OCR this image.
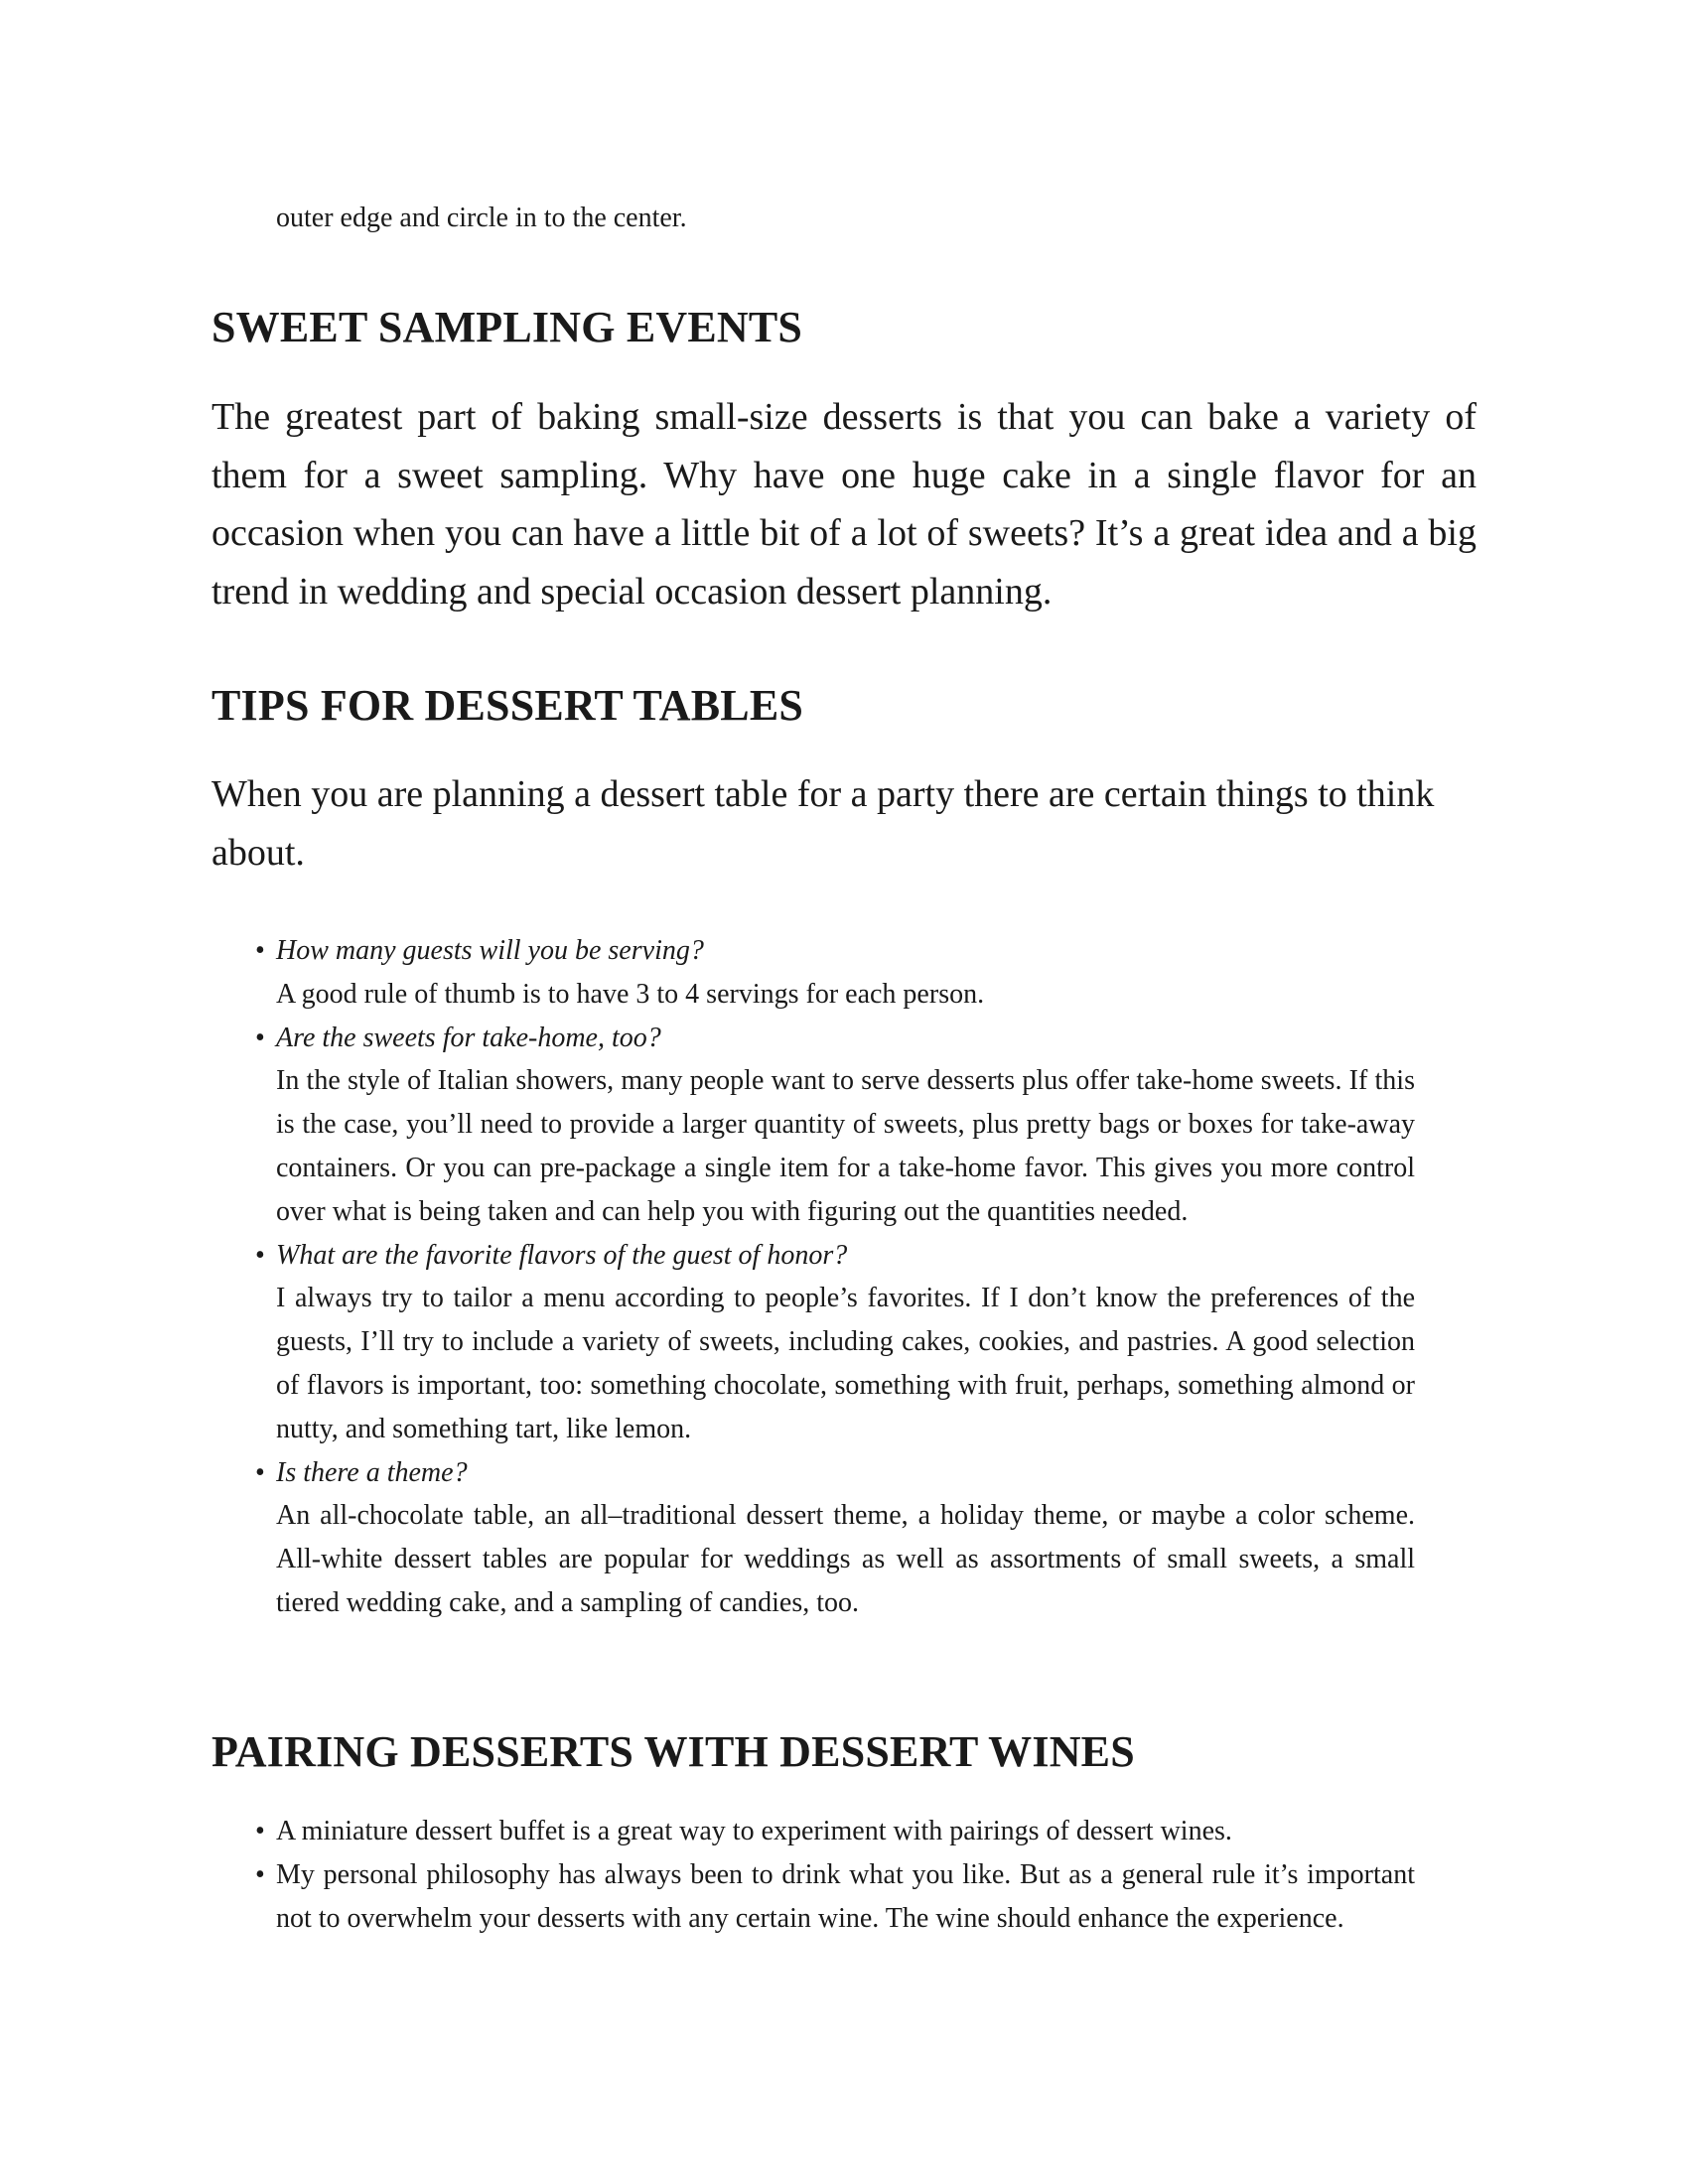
outer edge and circle in to the center.

SWEET SAMPLING EVENTS

The greatest part of baking small-size desserts is that you can bake a variety of them for a sweet sampling. Why have one huge cake in a single flavor for an occasion when you can have a little bit of a lot of sweets? It’s a great idea and a big trend in wedding and special occasion dessert planning.

TIPS FOR DESSERT TABLES

When you are planning a dessert table for a party there are certain things to think about.

• How many guests will you be serving?
A good rule of thumb is to have 3 to 4 servings for each person.
• Are the sweets for take-home, too?
In the style of Italian showers, many people want to serve desserts plus offer take-home sweets. If this is the case, you’ll need to provide a larger quantity of sweets, plus pretty bags or boxes for take-away containers. Or you can pre-package a single item for a take-home favor. This gives you more control over what is being taken and can help you with figuring out the quantities needed.
• What are the favorite flavors of the guest of honor?
I always try to tailor a menu according to people’s favorites. If I don’t know the preferences of the guests, I’ll try to include a variety of sweets, including cakes, cookies, and pastries. A good selection of flavors is important, too: something chocolate, something with fruit, perhaps, something almond or nutty, and something tart, like lemon.
• Is there a theme?
An all-chocolate table, an all–traditional dessert theme, a holiday theme, or maybe a color scheme. All-white dessert tables are popular for weddings as well as assortments of small sweets, a small tiered wedding cake, and a sampling of candies, too.
PAIRING DESSERTS WITH DESSERT WINES
• A miniature dessert buffet is a great way to experiment with pairings of dessert wines.
• My personal philosophy has always been to drink what you like. But as a general rule it’s important not to overwhelm your desserts with any certain wine. The wine should enhance the experience.
